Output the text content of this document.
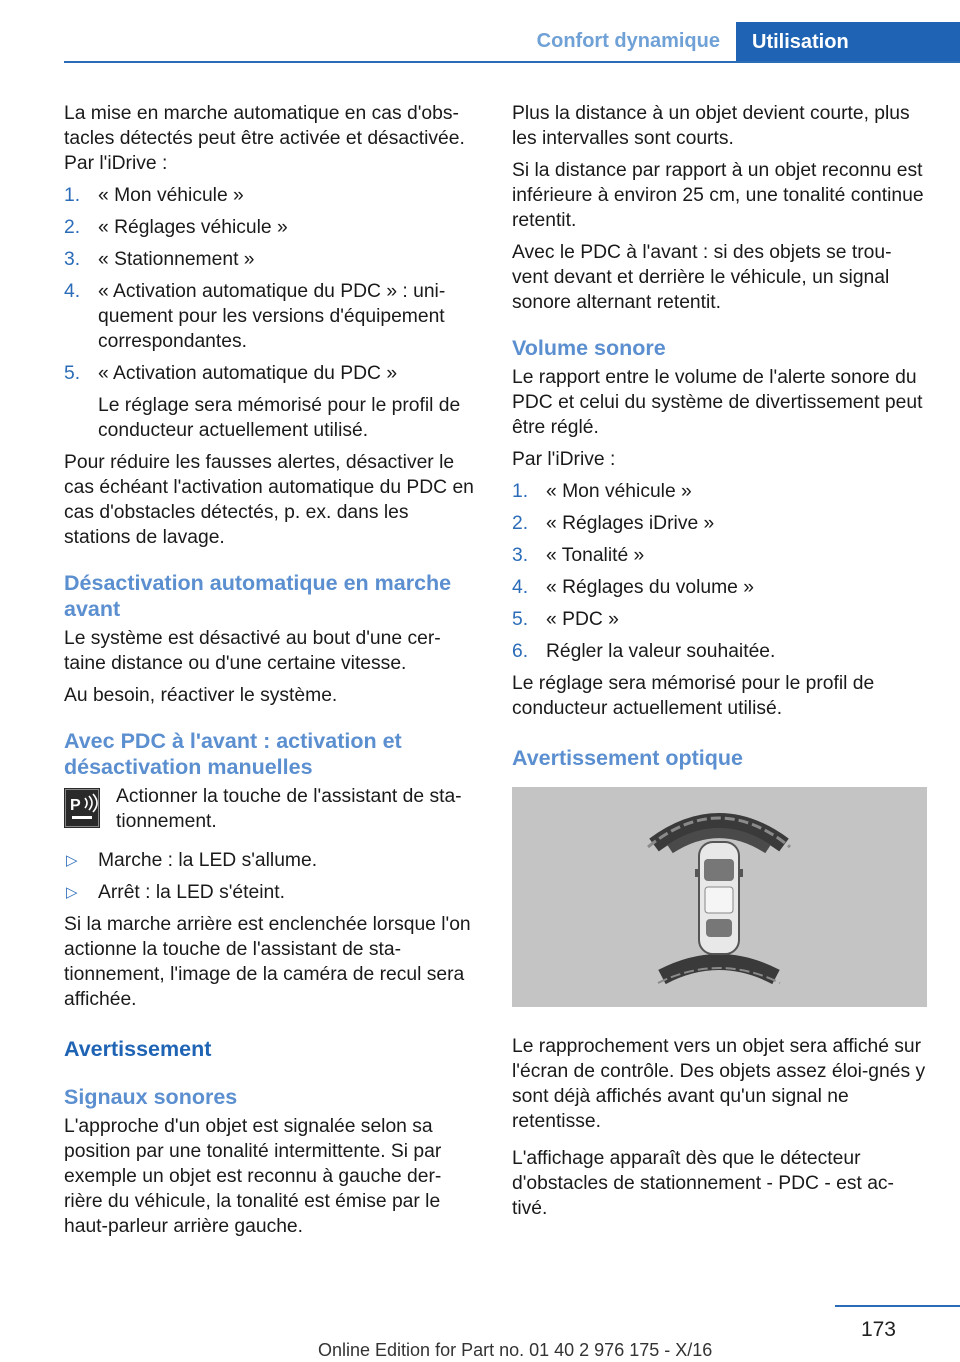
Confort dynamique	Utilisation

La mise en marche automatique en cas d'obs-tacles détectés peut être activée et désactivée. Par l'iDrive :

1. « Mon véhicule »
2. « Réglages véhicule »
3. « Stationnement »
4. « Activation automatique du PDC » : uni-quement pour les versions d'équipement correspondantes.
5. « Activation automatique du PDC »
Le réglage sera mémorisé pour le profil de conducteur actuellement utilisé.

Pour réduire les fausses alertes, désactiver le cas échéant l'activation automatique du PDC en cas d'obstacles détectés, p. ex. dans les stations de lavage.

Désactivation automatique en marche avant

Le système est désactivé au bout d'une cer-taine distance ou d'une certaine vitesse.

Au besoin, réactiver le système.

Avec PDC à l'avant : activation et désactivation manuelles
P Actionner la touche de l'assistant de sta-tionnement.
▷ Marche : la LED s'allume.
▷ Arrêt : la LED s'éteint.

Si la marche arrière est enclenchée lorsque l'on actionne la touche de l'assistant de sta-tionnement, l'image de la caméra de recul sera affichée.

Avertissement
Signaux sonores

L'approche d'un objet est signalée selon sa position par une tonalité intermittente. Si par exemple un objet est reconnu à gauche der-rière du véhicule, la tonalité est émise par le haut-parleur arrière gauche.

Plus la distance à un objet devient courte, plus les intervalles sont courts.

Si la distance par rapport à un objet reconnu est inférieure à environ 25 cm, une tonalité continue retentit.

Avec le PDC à l'avant : si des objets se trou-vent devant et derrière le véhicule, un signal sonore alternant retentit.

Volume sonore

Le rapport entre le volume de l'alerte sonore du PDC et celui du système de divertissement peut être réglé.

Par l'iDrive :

1. « Mon véhicule »
2. « Réglages iDrive »
3. « Tonalité »
4. « Réglages du volume »
5. « PDC »
6. Régler la valeur souhaitée.

Le réglage sera mémorisé pour le profil de conducteur actuellement utilisé.

Avertissement optique

Le rapprochement vers un objet sera affiché sur l'écran de contrôle. Des objets assez éloi-gnés y sont déjà affichés avant qu'un signal ne retentisse.

L'affichage apparaît dès que le détecteur d'obstacles de stationnement - PDC - est ac-tivé.

173
Online Edition for Part no. 01 40 2 976 175 - X/16
